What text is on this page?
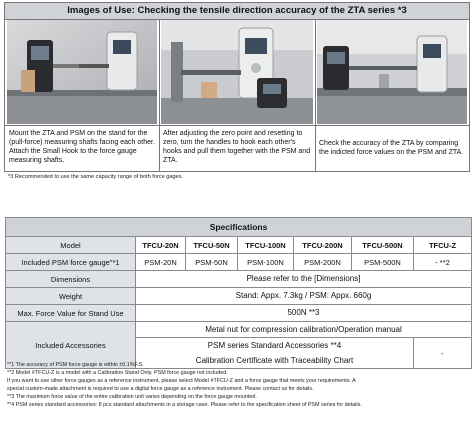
Images of Use: Checking the tensile direction accuracy of the ZTA series *3
Mount the ZTA and PSM on the stand for the (pull-force) measuring shafts facing each other. Attach the Small Hook to the force gauge measuring shafts.
After adjusting the zero point and resetting to zero, turn the handles to hook each other's hooks and pull them together with the PSM and ZTA.
Check the accuracy of the ZTA by comparing the indicted force values on the PSM and ZTA.
*3 Recommended to use the same capacity range of both force gages.
Specifications						
Model	TFCU-20N	TFCU-50N	TFCU-100N	TFCU-200N	TFCU-500N	TFCU-Z
Included PSM force gauge"*1	PSM-20N	PSM-50N	PSM-100N	PSM-200N	PSM-500N	- **2
Dimensions	Please refer to the [Dimensions]					
Weight	Stand: Appx. 7.3kg / PSM: Appx. 660g					
Max. Force Value for Stand Use	500N **3					
Included Accessories	Metal nut for compression calibration/Operation manual					
	PSM series Standard Accessories **4					-
	Calibration Certificate with Traceability Chart					
**1 The accuracy of PSM force gauge is within ±0.1%F.S.
**2 Model #TFCU-Z is a model with a Calibration Stand Only. PSM force gauge not included.
If you want to use other force gauges as a reference instrument, please select Model #TFCU-Z and a force gauge that meets your requirements. A
special custom-made attachment is required to use a digital force gauge as a reference instrument. Please contact us for details.
**3 The maximum force value of the entire calibration unit varies depending on the force gauge mounted.
**4 PSM series standard accessories: 8 pcs standard attachments in a storage case. Please refer to the specification sheet of PSM series for details.
